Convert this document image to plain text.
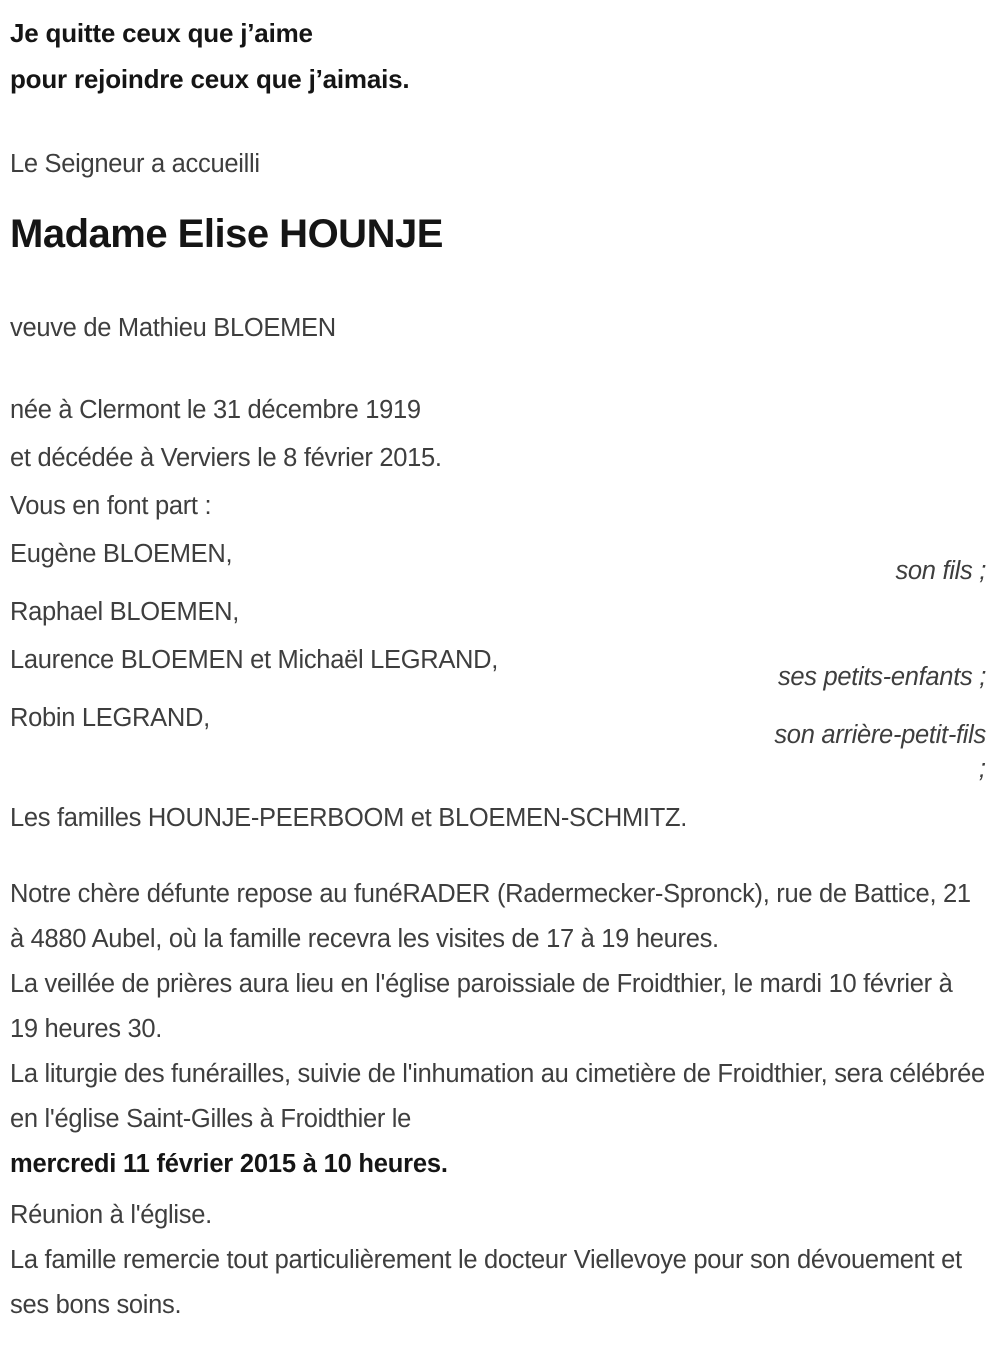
Je quitte ceux que j’aime

pour rejoindre ceux que j’aimais.

Le Seigneur a accueilli

Madame Elise HOUNJE

veuve de Mathieu BLOEMEN

née à Clermont le 31 décembre 1919

et décédée à Verviers le 8 février 2015.

Vous en font part :

Eugène BLOEMEN,

son fils ;

Raphael BLOEMEN,

Laurence BLOEMEN et Michaël LEGRAND,

ses petits-enfants ;

Robin LEGRAND,

son arrière-petit-fils

;

Les familles HOUNJE-PEERBOOM et BLOEMEN-SCHMITZ.

Notre chère défunte repose au funéRADER (Radermecker-Spronck), rue de Battice, 21 à 4880 Aubel, où la famille recevra les visites de 17 à 19 heures.

La veillée de prières aura lieu en l'église paroissiale de Froidthier, le mardi 10 février à 19 heures 30.

La liturgie des funérailles, suivie de l'inhumation au cimetière de Froidthier, sera célébrée en l'église Saint-Gilles à Froidthier le

mercredi 11 février 2015 à 10 heures.

Réunion à l'église.

La famille remercie tout particulièrement le docteur Viellevoye pour son dévouement et ses bons soins.
